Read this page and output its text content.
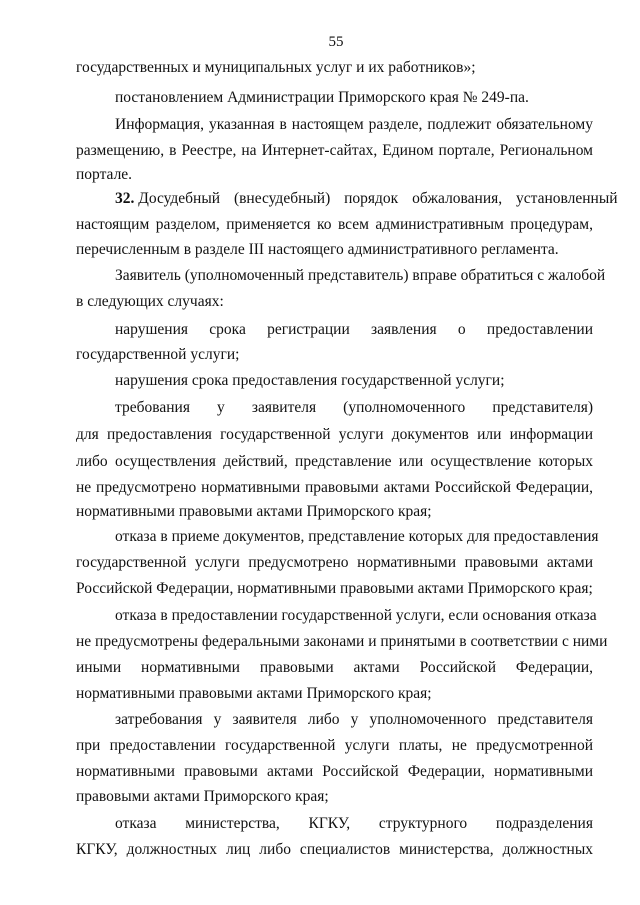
55
государственных и муниципальных услуг и их работников»;
постановлением Администрации Приморского края № 249-па.
Информация, указанная в настоящем разделе, подлежит обязательному
размещению, в Реестре, на Интернет-сайтах, Едином портале, Региональном
портале.
32. Досудебный (внесудебный) порядок обжалования, установленный
настоящим разделом, применяется ко всем административным процедурам,
перечисленным в разделе III настоящего административного регламента.
Заявитель (уполномоченный представитель) вправе обратиться с жалобой
в следующих случаях:
нарушения срока регистрации заявления о предоставлении
государственной услуги;
нарушения срока предоставления государственной услуги;
требования у заявителя (уполномоченного представителя)
для предоставления государственной услуги документов или информации
либо осуществления действий, представление или осуществление которых
не предусмотрено нормативными правовыми актами Российской Федерации,
нормативными правовыми актами Приморского края;
отказа в приеме документов, представление которых для предоставления
государственной услуги предусмотрено нормативными правовыми актами
Российской Федерации, нормативными правовыми актами Приморского края;
отказа в предоставлении государственной услуги, если основания отказа
не предусмотрены федеральными законами и принятыми в соответствии с ними
иными нормативными правовыми актами Российской Федерации,
нормативными правовыми актами Приморского края;
затребования у заявителя либо у уполномоченного представителя
при предоставлении государственной услуги платы, не предусмотренной
нормативными правовыми актами Российской Федерации, нормативными
правовыми актами Приморского края;
отказа министерства, КГКУ, структурного подразделения
КГКУ, должностных лиц либо специалистов министерства, должностных
